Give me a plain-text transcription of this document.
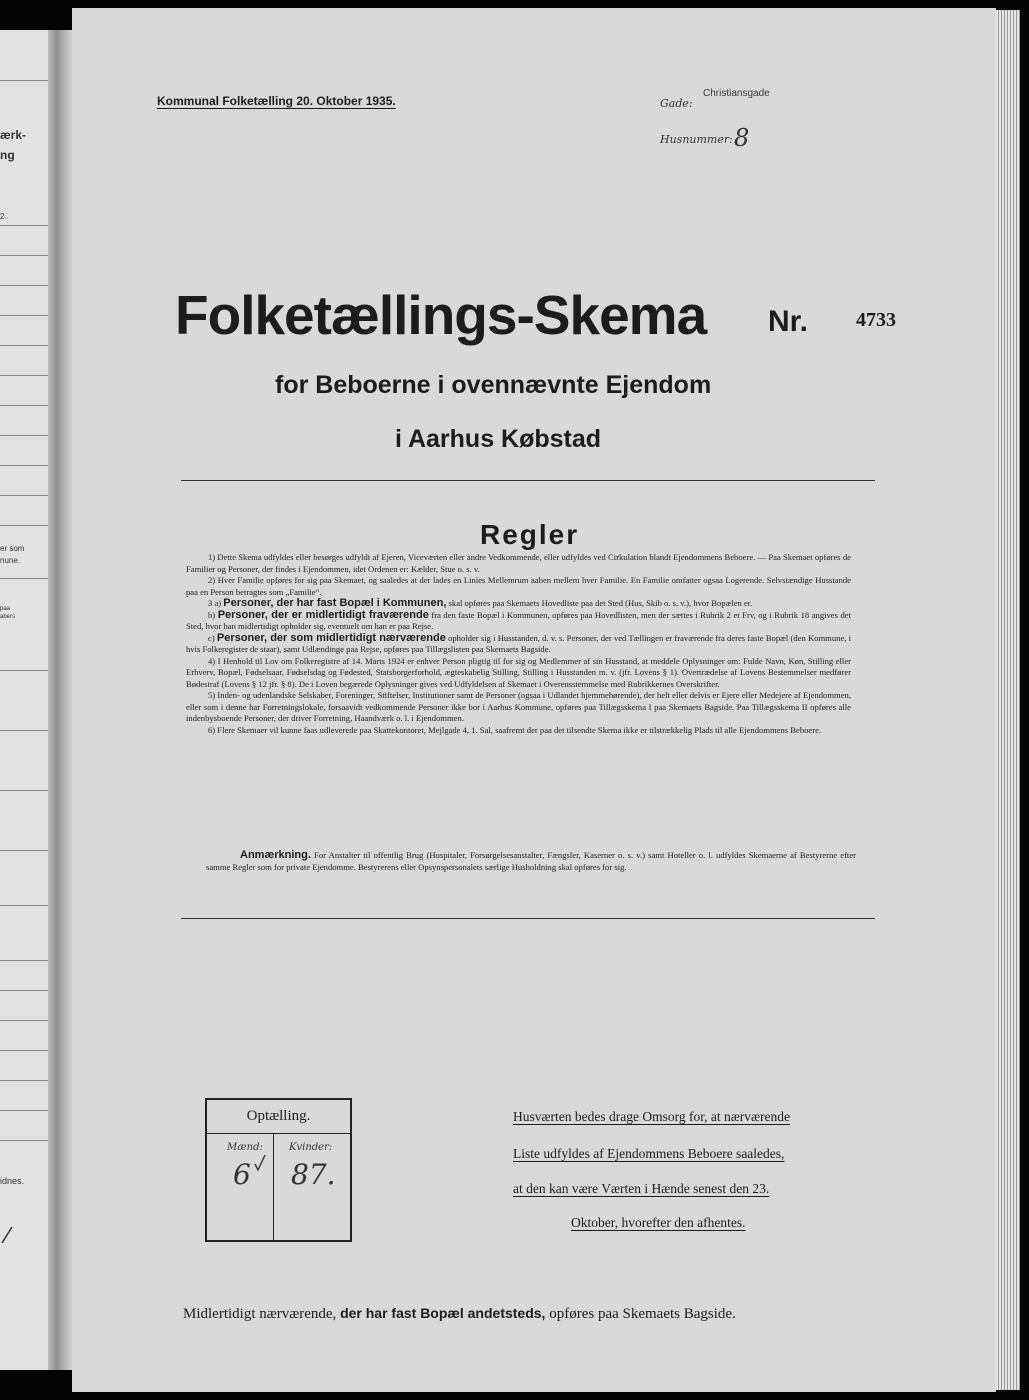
ærk-
ng
2
er som
nune.
paa
abers
idnes.
Kommunal Folketælling 20. Oktober 1935.	Gade:
Christiansgade
Husnummer: 8
Folketællings-Skema Nr. 4733
for Beboerne i ovennævnte Ejendom
i Aarhus Købstad
Regler

1) Dette Skema udfyldes eller besørges udfyldt af Ejeren, Viceværten eller andre Vedkommende, eller udfyldes ved Cirkulation blandt Ejendommens Beboere. — Paa Skemaet opføres de Familier og Personer, der findes i Ejendommen, idet Ordenen er: Kælder, Stue o. s. v.

2) Hver Familie opføres for sig paa Skemaet, og saaledes at der lades en Linies Mellemrum aaben mellem hver Familie. En Familie omfatter ogsaa Logerende. Selvstændige Husstande paa en Person betragtes som „Familie“.

3 a) Personer, der har fast Bopæl i Kommunen, skal opføres paa Skemaets Hovedliste paa det Sted (Hus, Skib o. s. v.), hvor Bopælen er.

b) Personer, der er midlertidigt fraværende fra den faste Bopæl i Kommunen, opføres paa Hovedlisten, men der sættes i Rubrik 2 et Frv, og i Rubrik 18 angives det Sted, hvor han midlertidigt opholder sig, eventuelt om han er paa Rejse.

c) Personer, der som midlertidigt nærværende opholder sig i Husstanden, d. v. s. Personer, der ved Tællingen er fraværende fra deres faste Bopæl (den Kommune, i hvis Folkeregister de staar), samt Udlændinge paa Rejse, opføres paa Tillægslisten paa Skemaets Bagside.

4) I Henhold til Lov om Folkeregistre af 14. Marts 1924 er enhver Person pligtig til for sig og Medlemmer af sin Husstand, at meddele Oplysninger om: Fulde Navn, Køn, Stilling eller Erhverv, Bopæl, Fødselsaar, Fødselsdag og Fødested, Statsborgerforhold, ægteskabelig Stilling, Stilling i Husstanden m. v. (jfr. Lovens § 1). Overtrædelse af Lovens Bestemmelser medfører Bødestraf (Lovens § 12 jfr. § 8). De i Loven begærede Oplysninger gives ved Udfyldelsen af Skemaet i Overensstemmelse med Rubrikkernes Overskrifter.

5) Inden- og udenlandske Selskaber, Foreninger, Stiftelser, Institutioner samt de Personer (ogsaa i Udlandet hjemmehørende), der helt eller delvis er Ejere eller Medejere af Ejendommen, eller som i denne har Forretningslokale, forsaavidt vedkommende Personer ikke bor i Aarhus Kommune, opføres paa Tillægsskema I paa Skemaets Bagside. Paa Tillægsskema II opføres alle indenbysboende Personer, der driver Forretning, Haandværk o. l. i Ejendommen.

6) Flere Skemaer vil kunne faas udleverede paa Skattekontoret, Mejlgade 4, 1. Sal, saafremt der paa det tilsendte Skema ikke er tilstrækkelig Plads til alle Ejendommens Beboere.

Anmærkning. For Anstalter til offentlig Brug (Hospitaler, Forsørgelsesanstalter, Fængsler, Kaserner o. s. v.) samt Hoteller o. l. udfyldes Skemaerne af Bestyrerne efter samme Regler som for private Ejendomme. Bestyrerens eller Opsynspersonalets særlige Husholdning skal opføres for sig.
Optælling.
Mænd:	Kvinder:
6 87.
Husværten bedes drage Omsorg for, at nærværende
Liste udfyldes af Ejendommens Beboere saaledes,
at den kan være Værten i Hænde senest den 23.
Oktober, hvorefter den afhentes.
Midlertidigt nærværende, der har fast Bopæl andetsteds, opføres paa Skemaets Bagside.
